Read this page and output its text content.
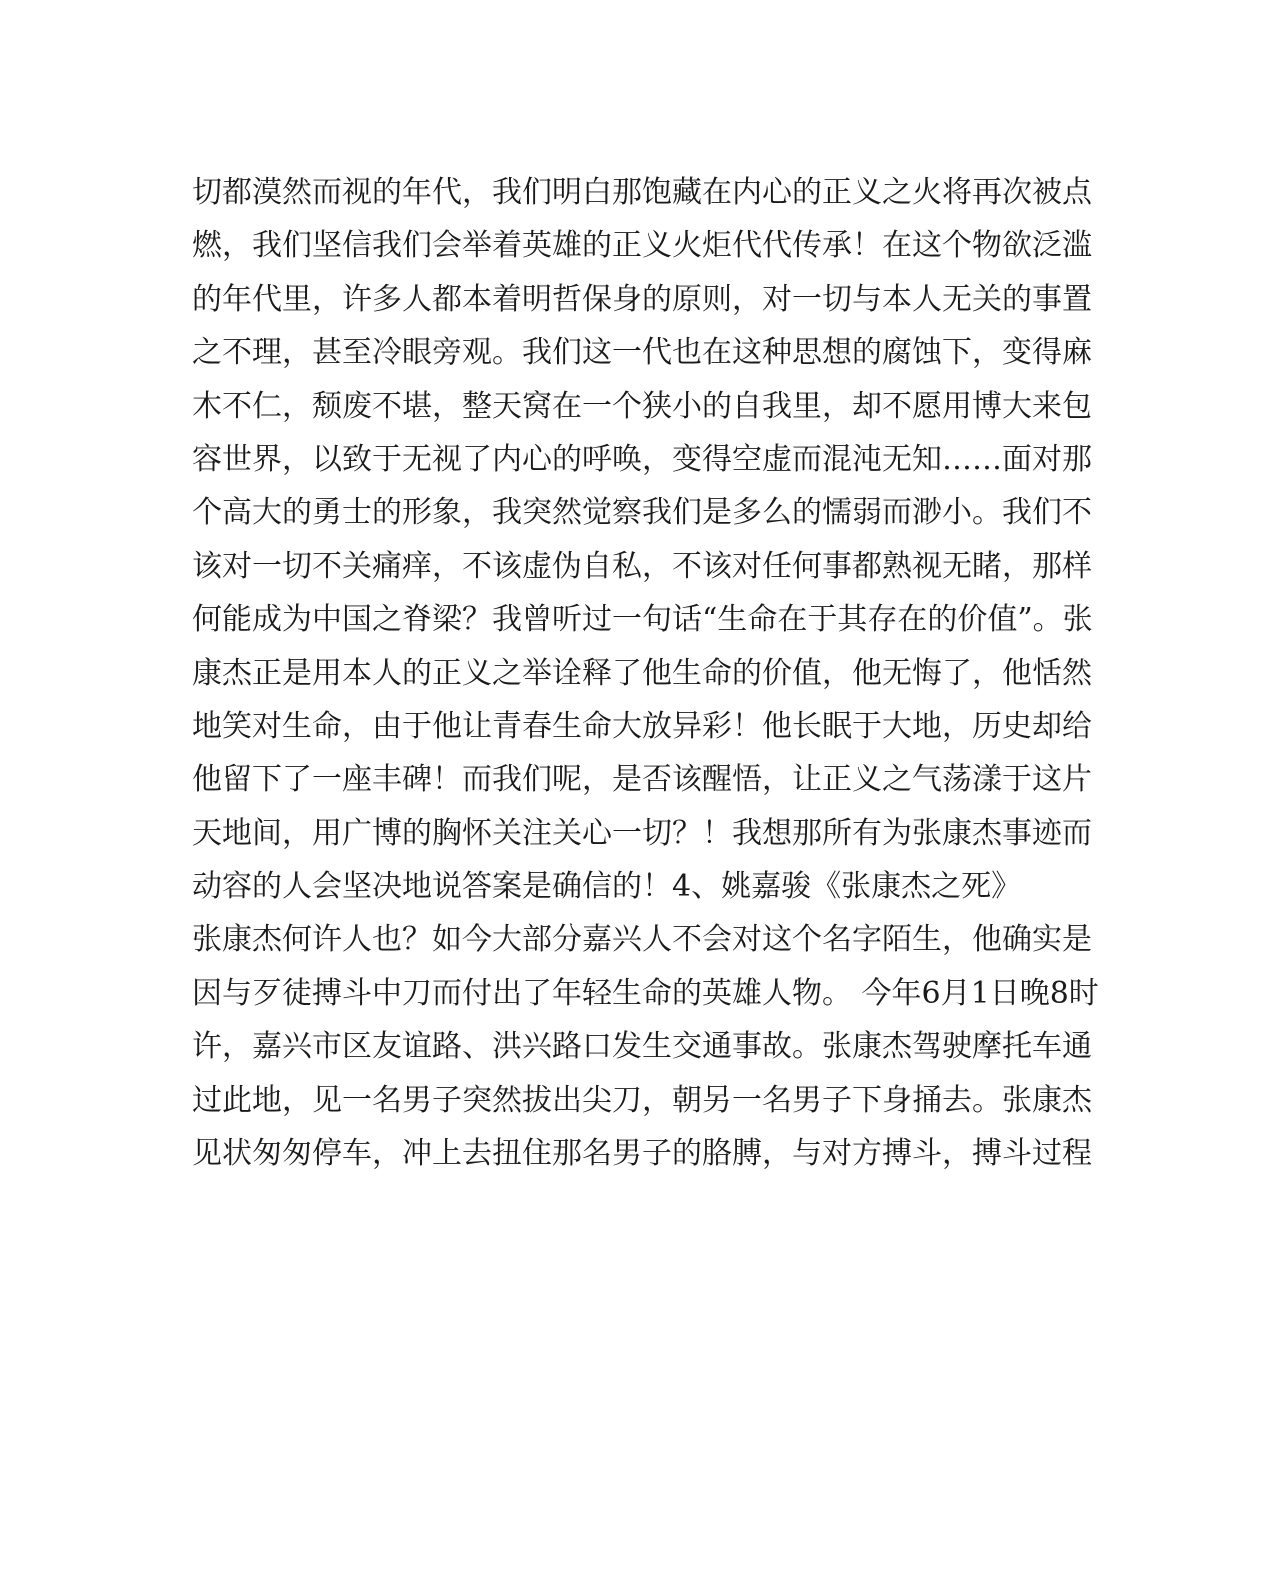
切都漠然而视的年代，我们明白那饱藏在内心的正义之火将再次被点
燃，我们坚信我们会举着英雄的正义火炬代代传承！在这个物欲泛滥
的年代里，许多人都本着明哲保身的原则，对一切与本人无关的事置
之不理，甚至冷眼旁观。我们这一代也在这种思想的腐蚀下，变得麻
木不仁，颓废不堪，整天窝在一个狭小的自我里，却不愿用博大来包
容世界，以致于无视了内心的呼唤，变得空虚而混沌无知……面对那
个高大的勇士的形象，我突然觉察我们是多么的懦弱而渺小。我们不
该对一切不关痛痒，不该虚伪自私，不该对任何事都熟视无睹，那样
何能成为中国之脊梁？我曾听过一句话“生命在于其存在的价值”。张
康杰正是用本人的正义之举诠释了他生命的价值，他无悔了，他恬然
地笑对生命，由于他让青春生命大放异彩！他长眠于大地，历史却给
他留下了一座丰碑！而我们呢，是否该醒悟，让正义之气荡漾于这片
天地间，用广博的胸怀关注关心一切？！我想那所有为张康杰事迹而
动容的人会坚决地说答案是确信的！4、姚嘉骏《张康杰之死》
张康杰何许人也？如今大部分嘉兴人不会对这个名字陌生，他确实是
因与歹徒搏斗中刀而付出了年轻生命的英雄人物。 今年6月1日晚8时
许，嘉兴市区友谊路、洪兴路口发生交通事故。张康杰驾驶摩托车通
过此地，见一名男子突然拔出尖刀，朝另一名男子下身捅去。张康杰
见状匆匆停车，冲上去扭住那名男子的胳膊，与对方搏斗，搏斗过程
